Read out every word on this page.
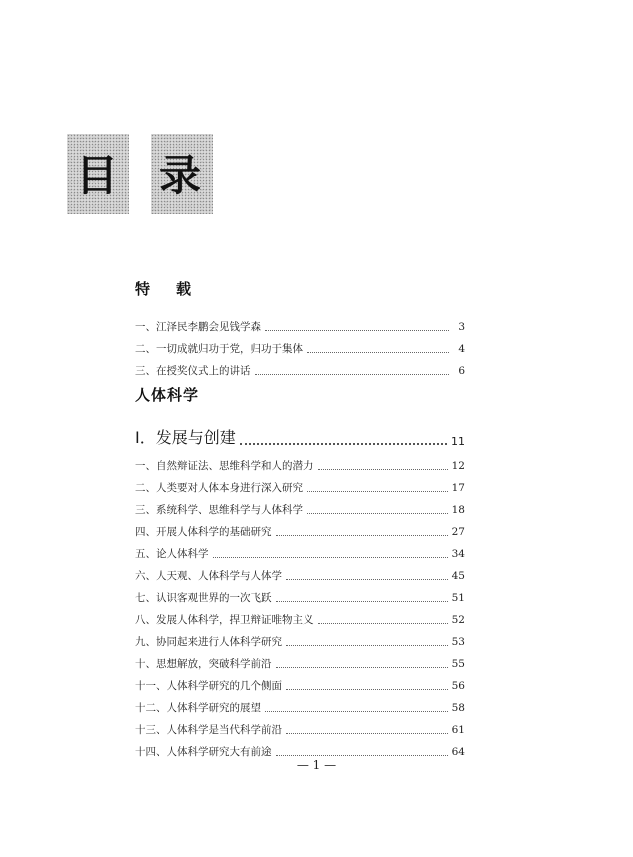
目 录
特载
一、江泽民李鹏会见钱学森	3
二、一切成就归功于党，归功于集体	4
三、在授奖仪式上的讲话	6
人体科学
Ⅰ．发展与创建	11
一、自然辩证法、思维科学和人的潜力	12
二、人类要对人体本身进行深入研究	17
三、系统科学、思维科学与人体科学	18
四、开展人体科学的基础研究	27
五、论人体科学	34
六、人天观、人体科学与人体学	45
七、认识客观世界的一次飞跃	51
八、发展人体科学，捍卫辩证唯物主义	52
九、协同起来进行人体科学研究	53
十、思想解放，突破科学前沿	55
十一、人体科学研究的几个侧面	56
十二、人体科学研究的展望	58
十三、人体科学是当代科学前沿	61
十四、人体科学研究大有前途	64
— 1 —
